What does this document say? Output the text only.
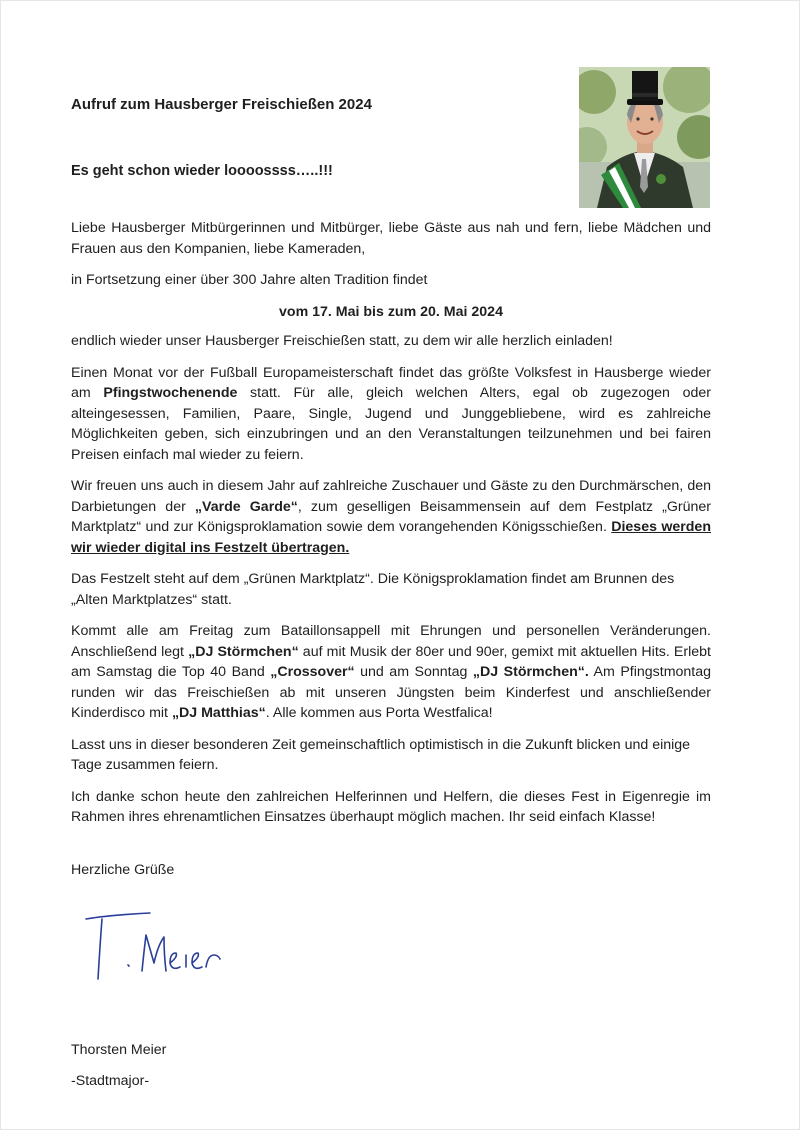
Aufruf zum Hausberger Freischießen 2024
Es geht schon wieder loooossss…..!!!

Liebe Hausberger Mitbürgerinnen und Mitbürger, liebe Gäste aus nah und fern, liebe Mädchen und Frauen aus den Kompanien, liebe Kameraden,

in Fortsetzung einer über 300 Jahre alten Tradition findet

vom 17. Mai bis zum 20. Mai 2024

endlich wieder unser Hausberger Freischießen statt, zu dem wir alle herzlich einladen!

Einen Monat vor der Fußball Europameisterschaft findet das größte Volksfest in Hausberge wieder am Pfingstwochenende statt. Für alle, gleich welchen Alters, egal ob zugezogen oder alteingesessen, Familien, Paare, Single, Jugend und Junggebliebene, wird es zahlreiche Möglichkeiten geben, sich einzubringen und an den Veranstaltungen teilzunehmen und bei fairen Preisen einfach mal wieder zu feiern.

Wir freuen uns auch in diesem Jahr auf zahlreiche Zuschauer und Gäste zu den Durchmärschen, den Darbietungen der „Varde Garde“, zum geselligen Beisammensein auf dem Festplatz „Grüner Marktplatz“ und zur Königsproklamation sowie dem vorangehenden Königsschießen. Dieses werden wir wieder digital ins Festzelt übertragen.

Das Festzelt steht auf dem „Grünen Marktplatz“. Die Königsproklamation findet am Brunnen des „Alten Marktplatzes“ statt.

Kommt alle am Freitag zum Bataillonsappell mit Ehrungen und personellen Veränderungen. Anschließend legt „DJ Störmchen“ auf mit Musik der 80er und 90er, gemixt mit aktuellen Hits. Erlebt am Samstag die Top 40 Band „Crossover“ und am Sonntag „DJ Störmchen“. Am Pfingstmontag runden wir das Freischießen ab mit unseren Jüngsten beim Kinderfest und anschließender Kinderdisco mit „DJ Matthias“. Alle kommen aus Porta Westfalica!

Lasst uns in dieser besonderen Zeit gemeinschaftlich optimistisch in die Zukunft blicken und einige Tage zusammen feiern.

Ich danke schon heute den zahlreichen Helferinnen und Helfern, die dieses Fest in Eigenregie im Rahmen ihres ehrenamtlichen Einsatzes überhaupt möglich machen. Ihr seid einfach Klasse!

Herzliche Grüße
Thorsten Meier
-Stadtmajor-
